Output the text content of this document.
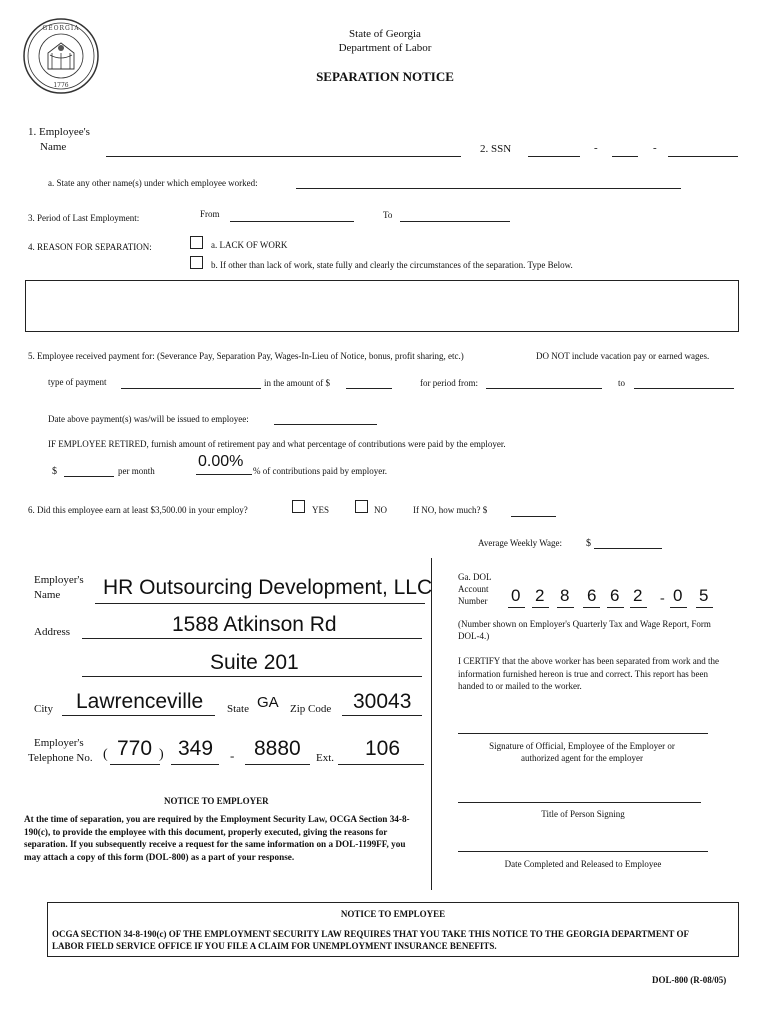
GEORGIA
1776
State of Georgia
Department of Labor
SEPARATION NOTICE
1. Employee's
Name	2. SSN	-	-
a. State any other name(s) under which employee worked:
3. Period of Last Employment:	From	To
4. REASON FOR SEPARATION:	a. LACK OF WORK
b. If other than lack of work, state fully and clearly the circumstances of the separation. Type Below.
5. Employee received payment for: (Severance Pay, Separation Pay, Wages-In-Lieu of Notice, bonus, profit sharing, etc.)	DO NOT include vacation pay or earned wages.
type of payment	in the amount of $	for period from:	to
Date above payment(s) was/will be issued to employee:
IF EMPLOYEE RETIRED, furnish amount of retirement pay and what percentage of contributions were paid by the employer.
$	per month
0.00%
% of contributions paid by employer.
6. Did this employee earn at least $3,500.00 in your employ?	YES	NO	If NO, how much? $
Average Weekly Wage: $
Employer's
Name HR Outsourcing Development, LLC
Address	1588 Atkinson Rd
Suite 201
City Lawrenceville State GA Zip Code 30043
Employer's
Telephone No. ( 770 ) 349 - 8880 Ext. 106
NOTICE TO EMPLOYER
At the time of separation, you are required by the Employment Security Law, OCGA Section 34-8-190(c), to provide the employee with this document, properly executed, giving the reasons for separation. If you subsequently receive a request for the same information on a DOL-1199FF, you may attach a copy of this form (DOL-800) as a part of your response.
Ga. DOL
Account
Number 0 2 8 6 6 2 - 0 5
(Number shown on Employer's Quarterly Tax and Wage Report, Form DOL-4.)
I CERTIFY that the above worker has been separated from work and the information furnished hereon is true and correct. This report has been handed to or mailed to the worker.
Signature of Official, Employee of the Employer or authorized agent for the employer
Title of Person Signing
Date Completed and Released to Employee
NOTICE TO EMPLOYEE
OCGA SECTION 34-8-190(c) OF THE EMPLOYMENT SECURITY LAW REQUIRES THAT YOU TAKE THIS NOTICE TO THE GEORGIA DEPARTMENT OF LABOR FIELD SERVICE OFFICE IF YOU FILE A CLAIM FOR UNEMPLOYMENT INSURANCE BENEFITS.
DOL-800 (R-08/05)
